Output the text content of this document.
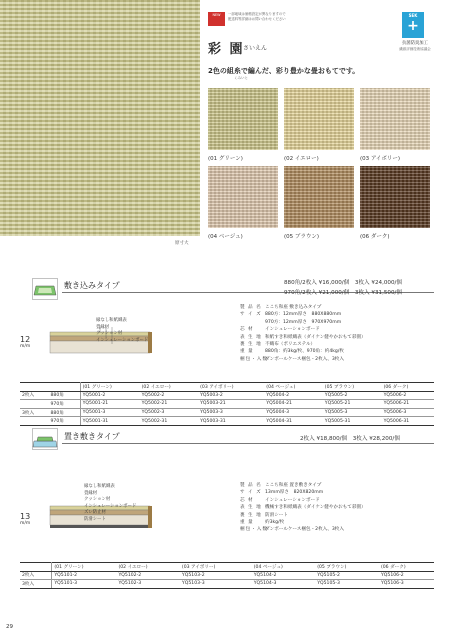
原寸大
NEW	一部地域は価格設定が異なりますので
配送料等詳細はお問い合わせください
SEK
+
抗菌防臭加工
繊維評価技術協議会
彩 園
さいえん
2色の組糸で編んだ、彩り豊かな畳おもてです。
くみいと
(01 グリーン)	(02 イエロー)	(03 アイボリー)
(04 ベージュ)	(05 ブラウン)	(06 ダーク)
敷き込みタイプ	880角/2枚入 ¥16,000/個　3枚入 ¥24,000/個
970角/2枚入 ¥21,000/個　3枚入 ¥31,500/個
縁なし和紙織表
畳縁材
クッション材
インシュレーションボード
12
m/m
製 品 名 ここち和座 敷き込みタイプ
サ イ ズ 880方：12mm厚さ　880X880mm
970方：12mm厚さ　970X970mm
芯 材 インシュレーションボード
表 生 地 和紙すき和紙織表（ダイケン健やかおもて彩園）
裏 生 地 不織布（ポリエステル）
重 量 880角：約3kg/枚、970角：約4kg/枚
梱包・入数ダンボールケース梱包・2枚入、3枚入
		(01 グリーン)	(02 イエロー)	(03 アイボリー)	(04 ベージュ)	(05 ブラウン)	(06 ダーク)
2枚入	880角	YQ5001-2	YQ5002-2	YQ5003-2	YQ5004-2	YQ5005-2	YQ5006-2
	970角	YQ5001-21	YQ5002-21	YQ5003-21	YQ5004-21	YQ5005-21	YQ5006-21
3枚入	880角	YQ5001-3	YQ5002-3	YQ5003-3	YQ5004-3	YQ5005-3	YQ5006-3
	970角	YQ5001-31	YQ5002-31	YQ5003-31	YQ5004-31	YQ5005-31	YQ5006-31
置き敷きタイプ	2枚入 ¥18,800/個　3枚入 ¥28,200/個
縁なし和紙織表
畳縁材
クッション材
インシュレーションボード
ズレ防止材
防滑シート
13
m/m
製 品 名 ここち和座 置き敷きタイプ
サ イ ズ 13mm厚さ　820X820mm
芯 材 インシュレーションボード
表 生 地 機械すき和紙織表（ダイケン健やかおもて彩園）
裏 生 地 防滑シート
重 量 約3kg/枚
梱包・入数ダンボールケース梱包・2枚入、3枚入
	(01 グリーン)	(02 イエロー)	(03 アイボリー)	(04 ベージュ)	(05 ブラウン)	(06 ダーク)
2枚入	YQ5101-2	YQ5102-2	YQ5103-2	YQ5104-2	YQ5105-2	YQ5106-2
3枚入	YQ5101-3	YQ5102-3	YQ5103-3	YQ5104-3	YQ5105-3	YQ5106-3
29
